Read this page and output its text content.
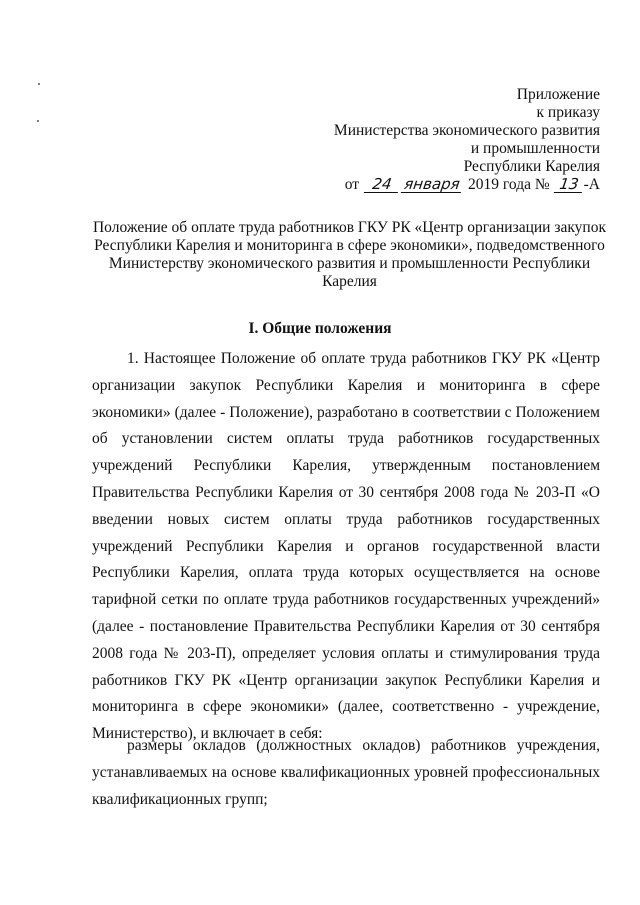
Приложение
к приказу
Министерства экономического развития
и промышленности
Республики Карелия
от 24 января 2019 года № 13 -А
Положение об оплате труда работников ГКУ РК «Центр организации закупок Республики Карелия и мониторинга в сфере экономики», подведомственного Министерству экономического развития и промышленности Республики Карелия
I. Общие положения

1. Настоящее Положение об оплате труда работников ГКУ РК «Центр организации закупок Республики Карелия и мониторинга в сфере экономики» (далее - Положение), разработано в соответствии с Положением об установлении систем оплаты труда работников государственных учреждений Республики Карелия, утвержденным постановлением Правительства Республики Карелия от 30 сентября 2008 года № 203-П «О введении новых систем оплаты труда работников государственных учреждений Республики Карелия и органов государственной власти Республики Карелия, оплата труда которых осуществляется на основе тарифной сетки по оплате труда работников государственных учреждений» (далее - постановление Правительства Республики Карелия от 30 сентября 2008 года № 203-П), определяет условия оплаты и стимулирования труда работников ГКУ РК «Центр организации закупок Республики Карелия и мониторинга в сфере экономики» (далее, соответственно - учреждение, Министерство), и включает в себя:

размеры окладов (должностных окладов) работников учреждения, устанавливаемых на основе квалификационных уровней профессиональных квалификационных групп;
